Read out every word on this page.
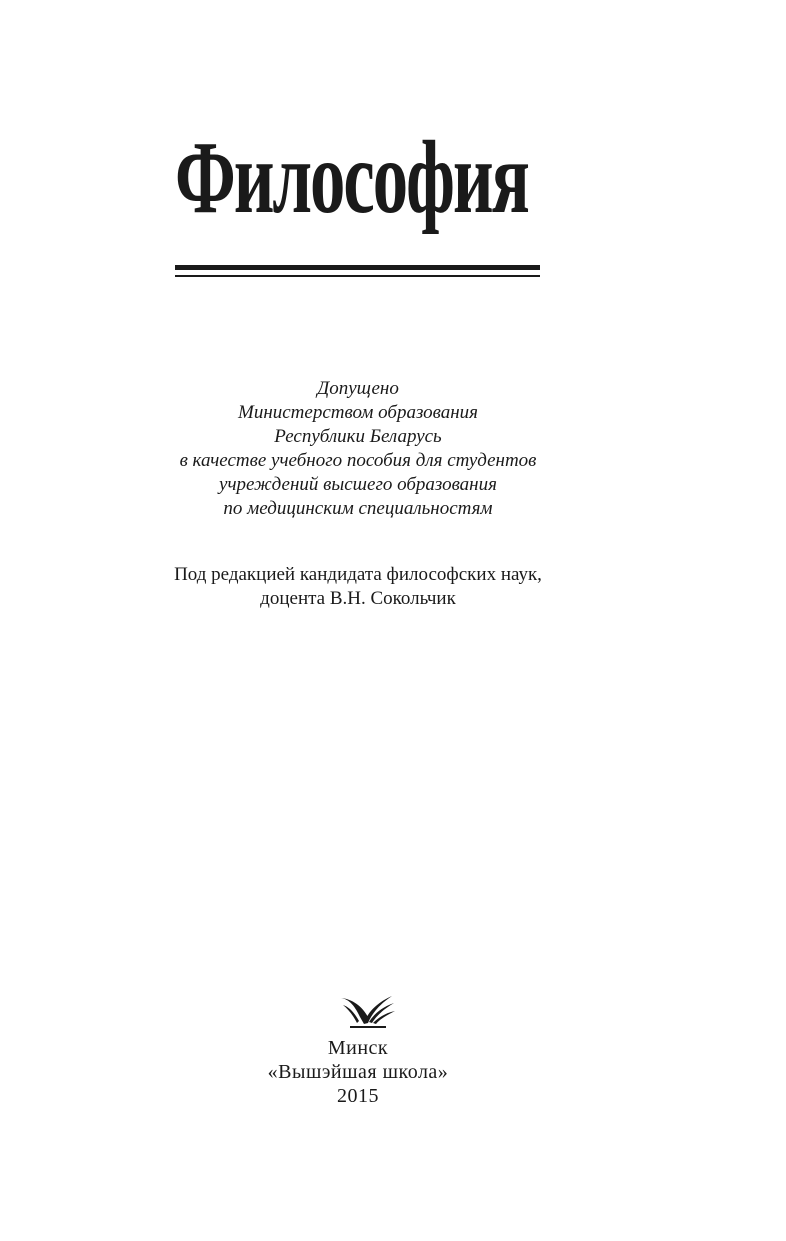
Философия
Допущено
Министерством образования
Республики Беларусь
в качестве учебного пособия для студентов
учреждений высшего образования
по медицинским специальностям
Под редакцией кандидата философских наук,
доцента В.Н. Сокольчик
Минск
«Вышэйшая школа»
2015
